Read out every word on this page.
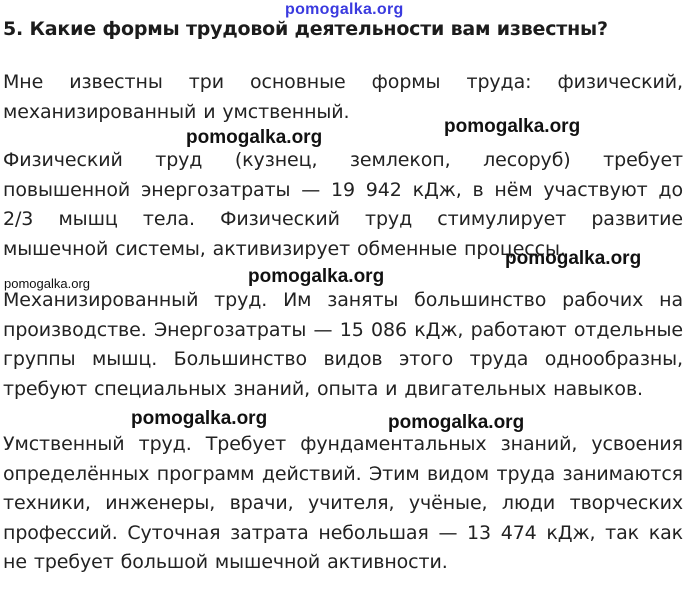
pomogalka.org
5. Какие формы трудовой деятельности вам известны?

Мне известны три основные формы труда: физический, механизированный и умственный.

Физический труд (кузнец, землекоп, лесоруб) требует повышенной энергозатраты — 19 942 кДж, в нём участвуют до 2/3 мышц тела. Физический труд стимулирует развитие мышечной системы, активизирует обменные процессы.

Механизированный труд. Им заняты большинство рабочих на производстве. Энергозатраты — 15 086 кДж, работают отдельные группы мышц. Большинство видов этого труда однообразны, требуют специальных знаний, опыта и двигательных навыков.

Умственный труд. Требует фундаментальных знаний, усвоения определённых программ действий. Этим видом труда занимаются техники, инженеры, врачи, учителя, учёные, люди творческих профессий. Суточная затрата небольшая — 13 474 кДж, так как не требует большой мышечной активности.

pomogalka.org
pomogalka.org
pomogalka.org
pomogalka.org
pomogalka.org
pomogalka.org	pomogalka.org
